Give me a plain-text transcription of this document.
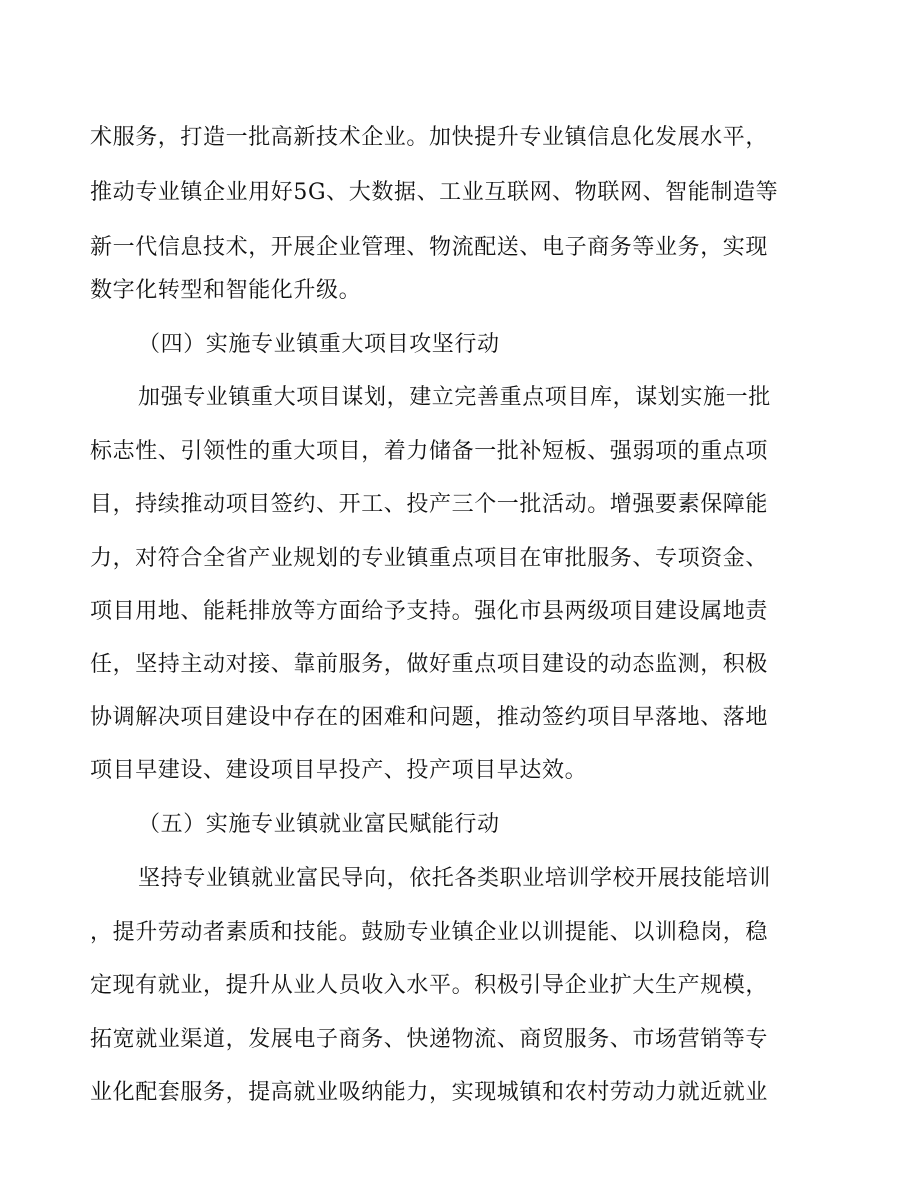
术服务，打造一批高新技术企业。加快提升专业镇信息化发展水平，
推动专业镇企业用好5G、大数据、工业互联网、物联网、智能制造等
新一代信息技术，开展企业管理、物流配送、电子商务等业务，实现
数字化转型和智能化升级。
（四）实施专业镇重大项目攻坚行动
加强专业镇重大项目谋划，建立完善重点项目库，谋划实施一批
标志性、引领性的重大项目，着力储备一批补短板、强弱项的重点项
目，持续推动项目签约、开工、投产三个一批活动。增强要素保障能
力，对符合全省产业规划的专业镇重点项目在审批服务、专项资金、
项目用地、能耗排放等方面给予支持。强化市县两级项目建设属地责
任，坚持主动对接、靠前服务，做好重点项目建设的动态监测，积极
协调解决项目建设中存在的困难和问题，推动签约项目早落地、落地
项目早建设、建设项目早投产、投产项目早达效。
（五）实施专业镇就业富民赋能行动
坚持专业镇就业富民导向，依托各类职业培训学校开展技能培训
，提升劳动者素质和技能。鼓励专业镇企业以训提能、以训稳岗，稳
定现有就业，提升从业人员收入水平。积极引导企业扩大生产规模，
拓宽就业渠道，发展电子商务、快递物流、商贸服务、市场营销等专
业化配套服务，提高就业吸纳能力，实现城镇和农村劳动力就近就业
